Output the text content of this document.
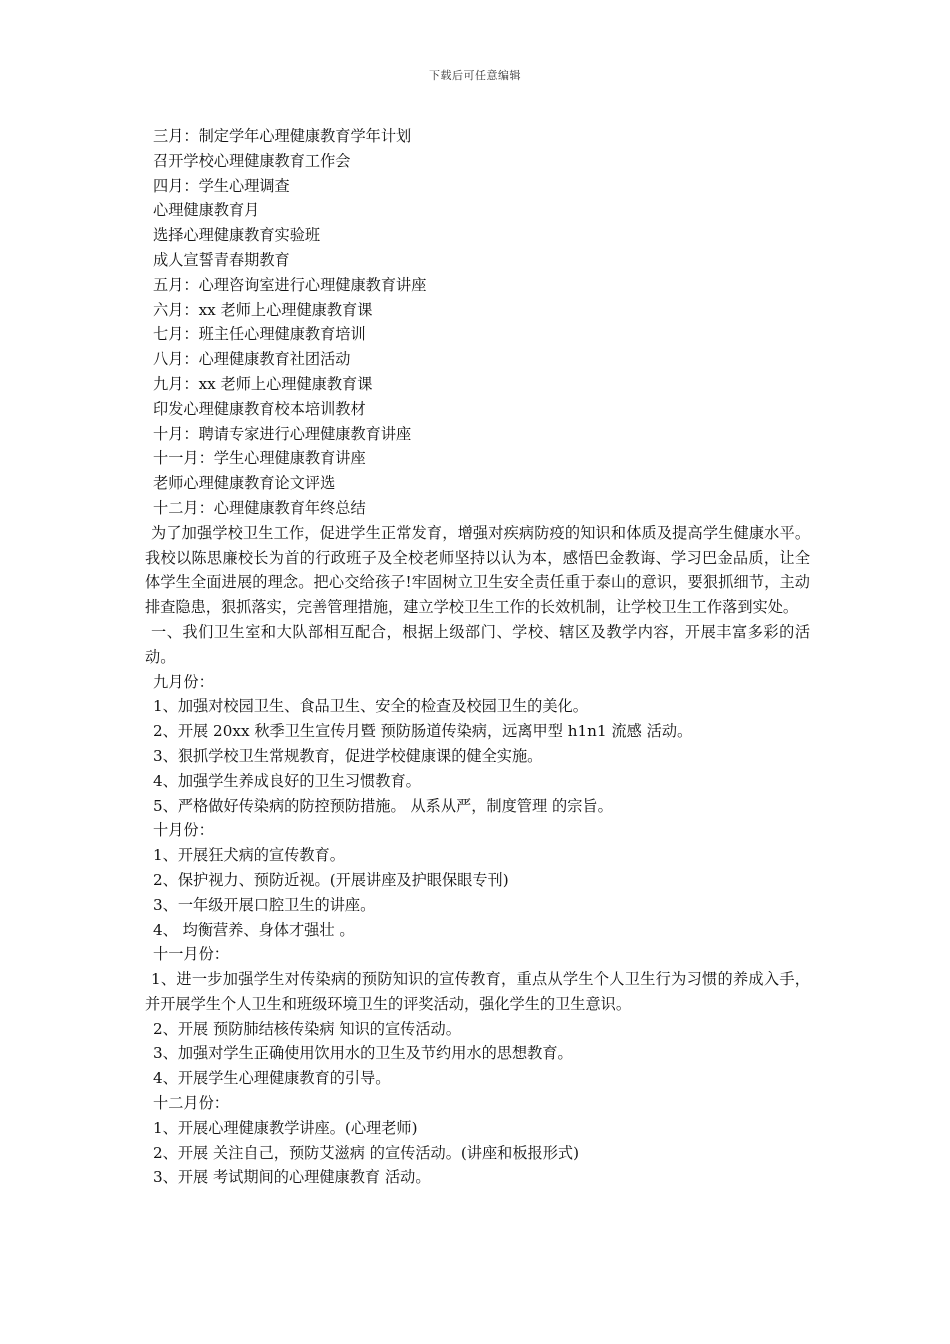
下载后可任意编辑
三月：制定学年心理健康教育学年计划
召开学校心理健康教育工作会
四月：学生心理调查
心理健康教育月
选择心理健康教育实验班
成人宣誓青春期教育
五月：心理咨询室进行心理健康教育讲座
六月：xx 老师上心理健康教育课
七月：班主任心理健康教育培训
八月：心理健康教育社团活动
九月：xx 老师上心理健康教育课
印发心理健康教育校本培训教材
十月：聘请专家进行心理健康教育讲座
十一月：学生心理健康教育讲座
老师心理健康教育论文评选
十二月：心理健康教育年终总结
为了加强学校卫生工作，促进学生正常发育，增强对疾病防疫的知识和体质及提高学生健康水平。我校以陈思廉校长为首的行政班子及全校老师坚持以认为本，感悟巴金教诲、学习巴金品质，让全体学生全面进展的理念。把心交给孩子!牢固树立卫生安全责任重于泰山的意识，要狠抓细节，主动排查隐患，狠抓落实，完善管理措施，建立学校卫生工作的长效机制，让学校卫生工作落到实处。
一、我们卫生室和大队部相互配合，根据上级部门、学校、辖区及教学内容，开展丰富多彩的活动。
九月份：
1、加强对校园卫生、食品卫生、安全的检查及校园卫生的美化。
2、开展 20xx 秋季卫生宣传月暨 预防肠道传染病，远离甲型 h1n1 流感 活动。
3、狠抓学校卫生常规教育，促进学校健康课的健全实施。
4、加强学生养成良好的卫生习惯教育。
5、严格做好传染病的防控预防措施。 从系从严，制度管理 的宗旨。
十月份：
1、开展狂犬病的宣传教育。
2、保护视力、预防近视。(开展讲座及护眼保眼专刊)
3、一年级开展口腔卫生的讲座。
4、 均衡营养、身体才强壮 。
十一月份：
1、进一步加强学生对传染病的预防知识的宣传教育，重点从学生个人卫生行为习惯的养成入手，并开展学生个人卫生和班级环境卫生的评奖活动，强化学生的卫生意识。
2、开展 预防肺结核传染病 知识的宣传活动。
3、加强对学生正确使用饮用水的卫生及节约用水的思想教育。
4、开展学生心理健康教育的引导。
十二月份：
1、开展心理健康教学讲座。(心理老师)
2、开展 关注自己，预防艾滋病 的宣传活动。(讲座和板报形式)
3、开展 考试期间的心理健康教育 活动。
